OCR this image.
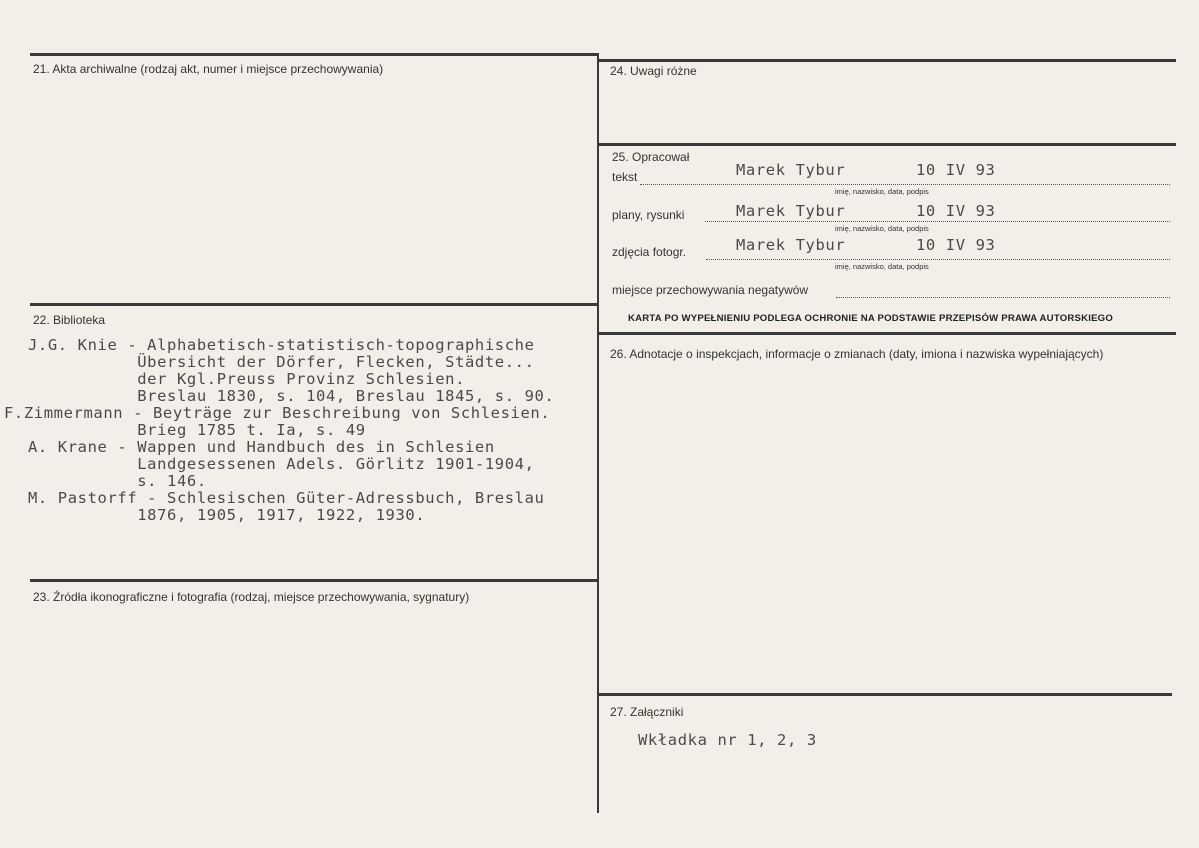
21. Akta archiwalne (rodzaj akt, numer i miejsce przechowywania)
22. Biblioteka
J.G. Knie - Alphabetisch-statistisch-topographische
Übersicht der Dörfer, Flecken, Städte...
der Kgl.Preuss Provinz Schlesien.
Breslau 1830, s. 104, Breslau 1845, s. 90.
F.Zimmermann - Beyträge zur Beschreibung von Schlesien.
Brieg 1785 t. Ia, s. 49
A. Krane - Wappen und Handbuch des in Schlesien
Landgesessenen Adels. Görlitz 1901-1904,
s. 146.
M. Pastorff - Schlesischen Güter-Adressbuch, Breslau
1876, 1905, 1917, 1922, 1930.
23. Źródła ikonograficzne i fotografia (rodzaj, miejsce przechowywania, sygnatury)
24. Uwagi różne
25. Opracował
tekst	Marek Tybur	10 IV 93
imię, nazwisko, data, podpis
plany, rysunki	Marek Tybur	10 IV 93
imię, nazwisko, data, podpis
zdjęcia fotogr.	Marek Tybur	10 IV 93
imię, nazwisko, data, podpis
miejsce przechowywania negatywów
KARTA PO WYPEŁNIENIU PODLEGA OCHRONIE NA PODSTAWIE PRZEPISÓW PRAWA AUTORSKIEGO
26. Adnotacje o inspekcjach, informacje o zmianach (daty, imiona i nazwiska wypełniających)
27. Załączniki
Wkładka nr 1, 2, 3
